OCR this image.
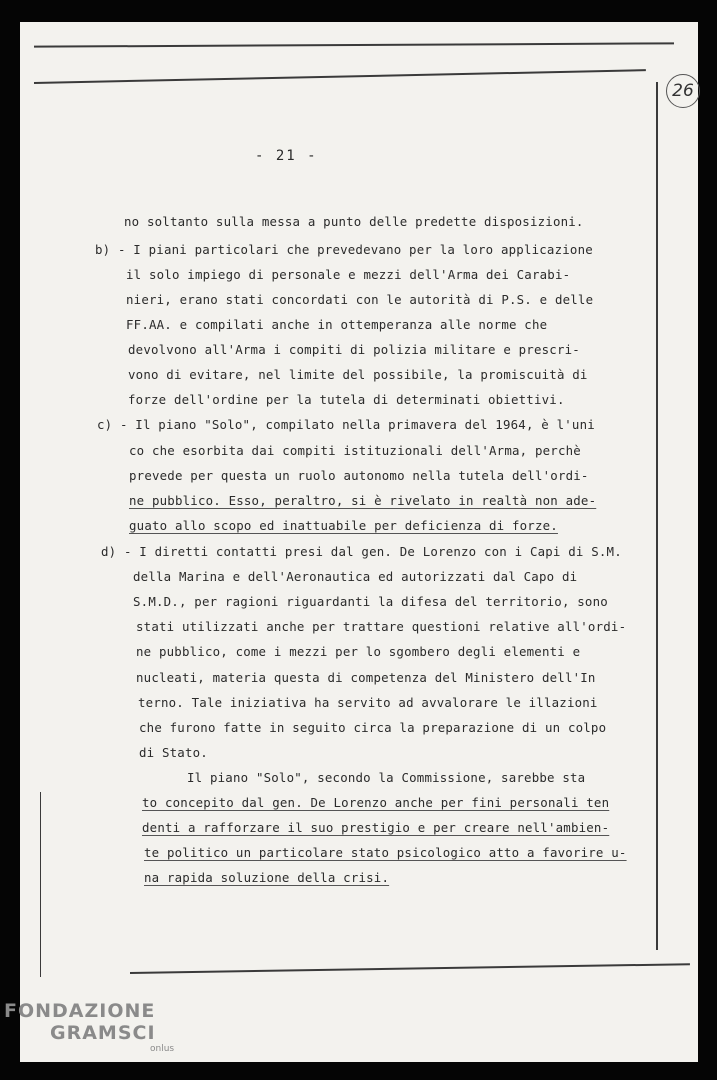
26
- 21 -
no soltanto sulla messa a punto delle predette disposizioni.
b) - I piani particolari che prevedevano per la loro applicazione
il solo impiego di personale e mezzi dell'Arma dei Carabi-
nieri, erano stati concordati con le autorità di P.S. e delle
FF.AA. e compilati anche in ottemperanza alle norme che
devolvono all'Arma i compiti di polizia militare e prescri-
vono di evitare, nel limite del possibile, la promiscuità di
forze dell'ordine per la tutela di determinati obiettivi.
c) - Il piano "Solo", compilato nella primavera del 1964, è l'uni
co che esorbita dai compiti istituzionali dell'Arma, perchè
prevede per questa un ruolo autonomo nella tutela dell'ordi-
ne pubblico. Esso, peraltro, si è rivelato in realtà non ade-
guato allo scopo ed inattuabile per deficienza di forze.
d) - I diretti contatti presi dal gen. De Lorenzo con i Capi di S.M.
della Marina e dell'Aeronautica ed autorizzati dal Capo di
S.M.D., per ragioni riguardanti la difesa del territorio, sono
stati utilizzati anche per trattare questioni relative all'ordi-
ne pubblico, come i mezzi per lo sgombero degli elementi e
nucleati, materia questa di competenza del Ministero dell'In
terno. Tale iniziativa ha servito ad avvalorare le illazioni
che furono fatte in seguito circa la preparazione di un colpo
di Stato.
Il piano "Solo", secondo la Commissione, sarebbe sta
to concepito dal gen. De Lorenzo anche per fini personali ten
denti a rafforzare il suo prestigio e per creare nell'ambien-
te politico un particolare stato psicologico atto a favorire u-
na rapida soluzione della crisi.
FONDAZIONE
GRAMSCI
onlus
